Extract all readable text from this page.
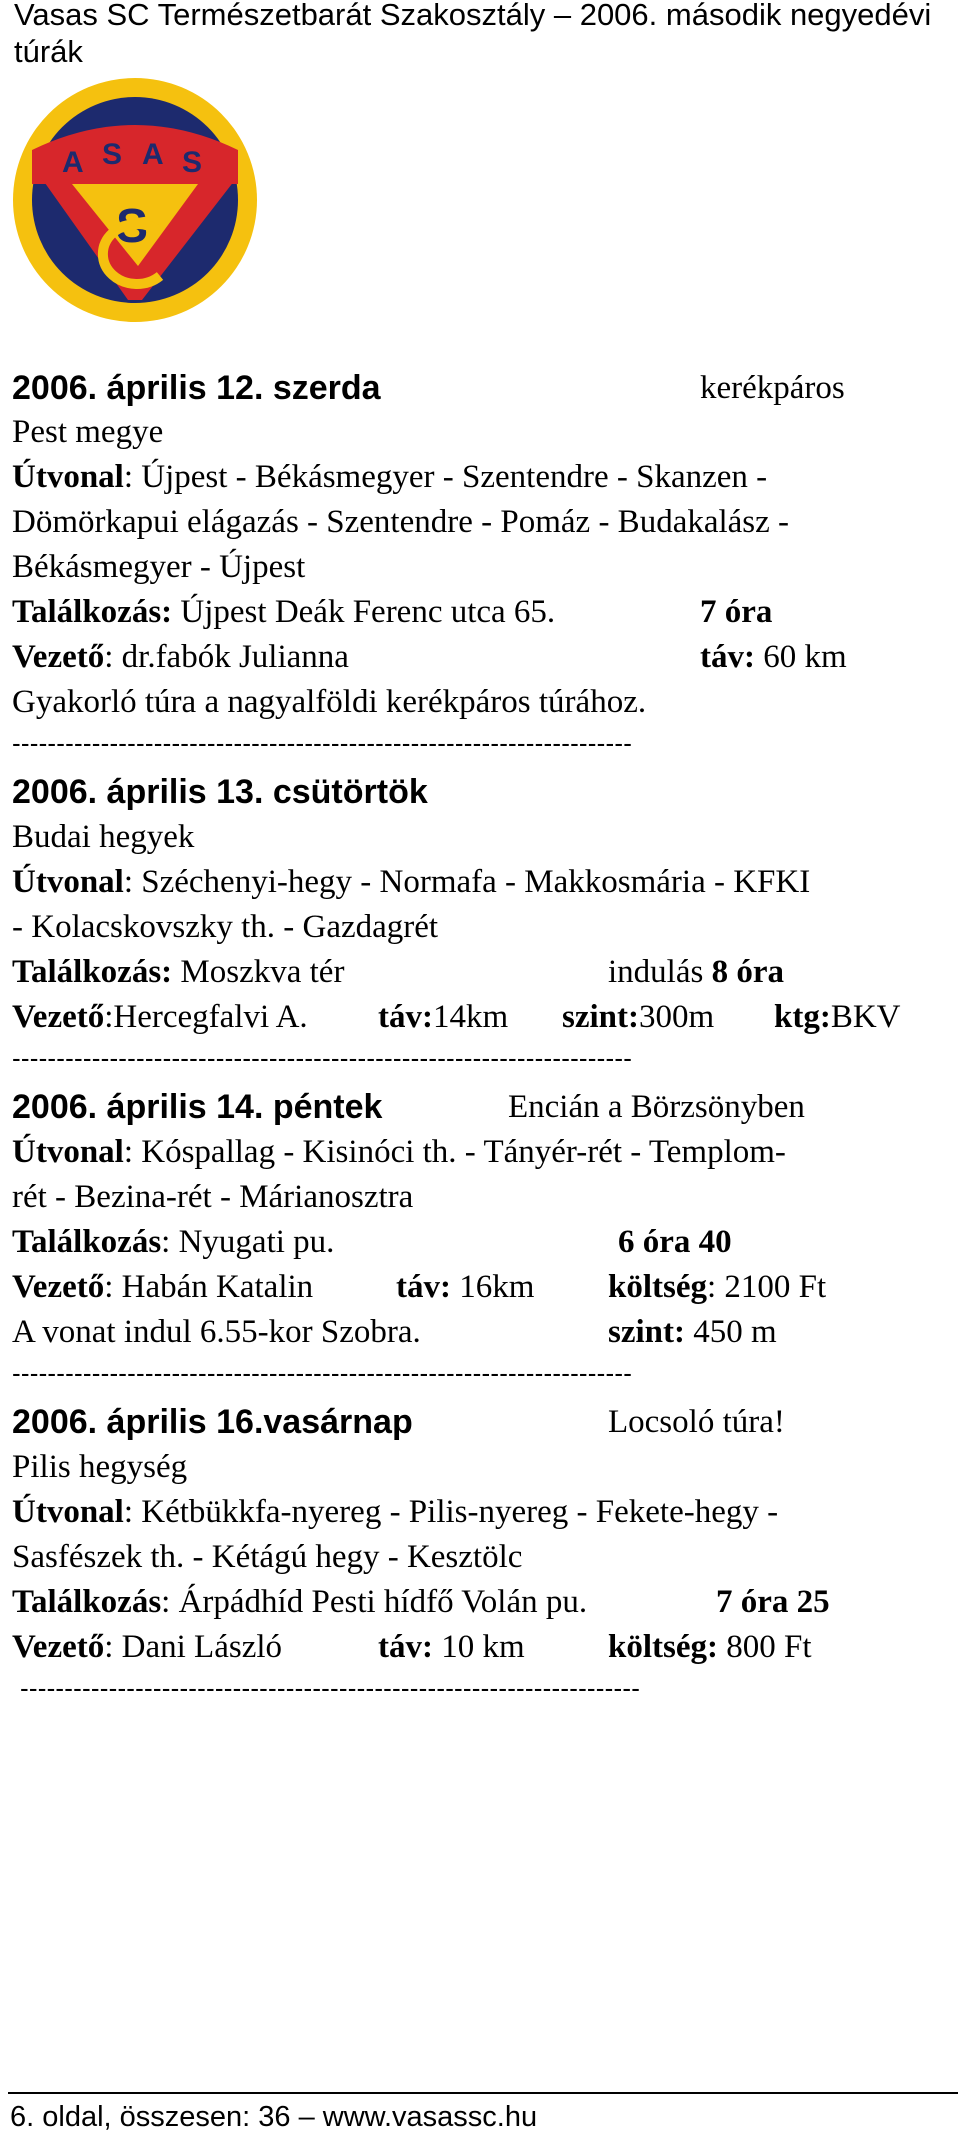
Vasas SC Természetbarát Szakosztály – 2006. második negyedévi túrák
A S A S
S
2006. április 12. szerda	kerékpáros
Pest megye
Útvonal: Újpest - Békásmegyer - Szentendre - Skanzen -
Dömörkapui elágazás - Szentendre - Pomáz - Budakalász -
Békásmegyer - Újpest
Találkozás: Újpest Deák Ferenc utca 65.	7 óra
Vezető: dr.fabók Julianna	táv: 60 km
Gyakorló túra a nagyalföldi kerékpáros túrához.
----------------------------------------------------------------------
2006. április 13. csütörtök
Budai hegyek
Útvonal: Széchenyi-hegy - Normafa - Makkosmária - KFKI
- Kolacskovszky th. - Gazdagrét
Találkozás: Moszkva tér	indulás 8 óra
Vezető:Hercegfalvi A. táv:14km szint:300m ktg:BKV
----------------------------------------------------------------------
2006. április 14. péntek	Encián a Börzsönyben
Útvonal: Kóspallag - Kisinóci th. - Tányér-rét - Templom-
rét - Bezina-rét - Márianosztra
Találkozás: Nyugati pu.	6 óra 40
Vezető: Habán Katalin	táv: 16km költség: 2100 Ft
A vonat indul 6.55-kor Szobra.	szint: 450 m
----------------------------------------------------------------------
2006. április 16.vasárnap	Locsoló túra!
Pilis hegység
Útvonal: Kétbükkfa-nyereg - Pilis-nyereg - Fekete-hegy -
Sasfészek th. - Kétágú hegy - Kesztölc
Találkozás: Árpádhíd Pesti hídfő Volán pu.	7 óra 25
Vezető: Dani László	táv: 10 km	költség: 800 Ft
----------------------------------------------------------------------
6. oldal, összesen: 36 – www.vasassc.hu
